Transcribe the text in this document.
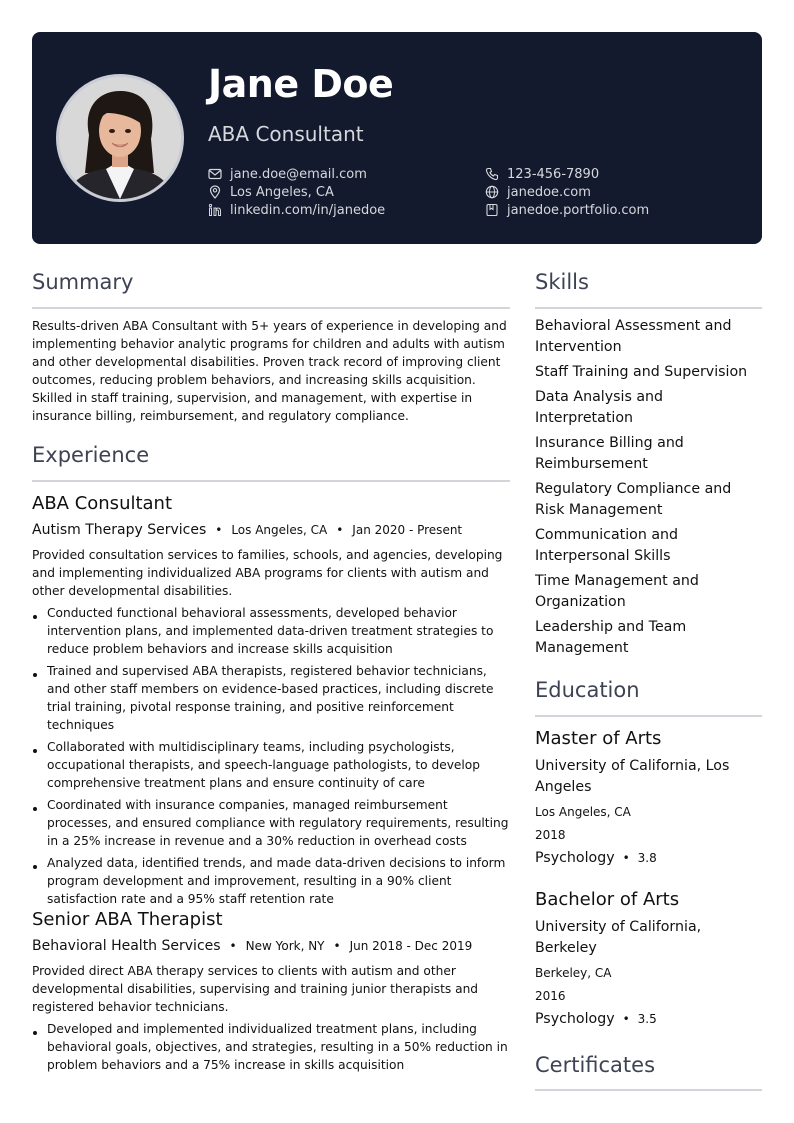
Jane Doe
ABA Consultant
jane.doe@email.com	123-456-7890
Los Angeles, CA	janedoe.com
linkedin.com/in/janedoe	janedoe.portfolio.com
Summary
Results-driven ABA Consultant with 5+ years of experience in developing and implementing behavior analytic programs for children and adults with autism and other developmental disabilities. Proven track record of improving client outcomes, reducing problem behaviors, and increasing skills acquisition. Skilled in staff training, supervision, and management, with expertise in insurance billing, reimbursement, and regulatory compliance.
Experience
ABA Consultant
Autism Therapy Services • Los Angeles, CA • Jan 2020 - Present
Provided consultation services to families, schools, and agencies, developing and implementing individualized ABA programs for clients with autism and other developmental disabilities.
Conducted functional behavioral assessments, developed behavior intervention plans, and implemented data-driven treatment strategies to reduce problem behaviors and increase skills acquisition
Trained and supervised ABA therapists, registered behavior technicians, and other staff members on evidence-based practices, including discrete trial training, pivotal response training, and positive reinforcement techniques
Collaborated with multidisciplinary teams, including psychologists, occupational therapists, and speech-language pathologists, to develop comprehensive treatment plans and ensure continuity of care
Coordinated with insurance companies, managed reimbursement processes, and ensured compliance with regulatory requirements, resulting in a 25% increase in revenue and a 30% reduction in overhead costs
Analyzed data, identified trends, and made data-driven decisions to inform program development and improvement, resulting in a 90% client satisfaction rate and a 95% staff retention rate
Senior ABA Therapist
Behavioral Health Services • New York, NY • Jun 2018 - Dec 2019
Provided direct ABA therapy services to clients with autism and other developmental disabilities, supervising and training junior therapists and registered behavior technicians.
Developed and implemented individualized treatment plans, including behavioral goals, objectives, and strategies, resulting in a 50% reduction in problem behaviors and a 75% increase in skills acquisition
Skills
Behavioral Assessment and Intervention
Staff Training and Supervision
Data Analysis and Interpretation
Insurance Billing and Reimbursement
Regulatory Compliance and Risk Management
Communication and Interpersonal Skills
Time Management and Organization
Leadership and Team Management
Education
Master of Arts
University of California, Los Angeles
Los Angeles, CA
2018
Psychology • 3.8
Bachelor of Arts
University of California, Berkeley
Berkeley, CA
2016
Psychology • 3.5
Certificates
